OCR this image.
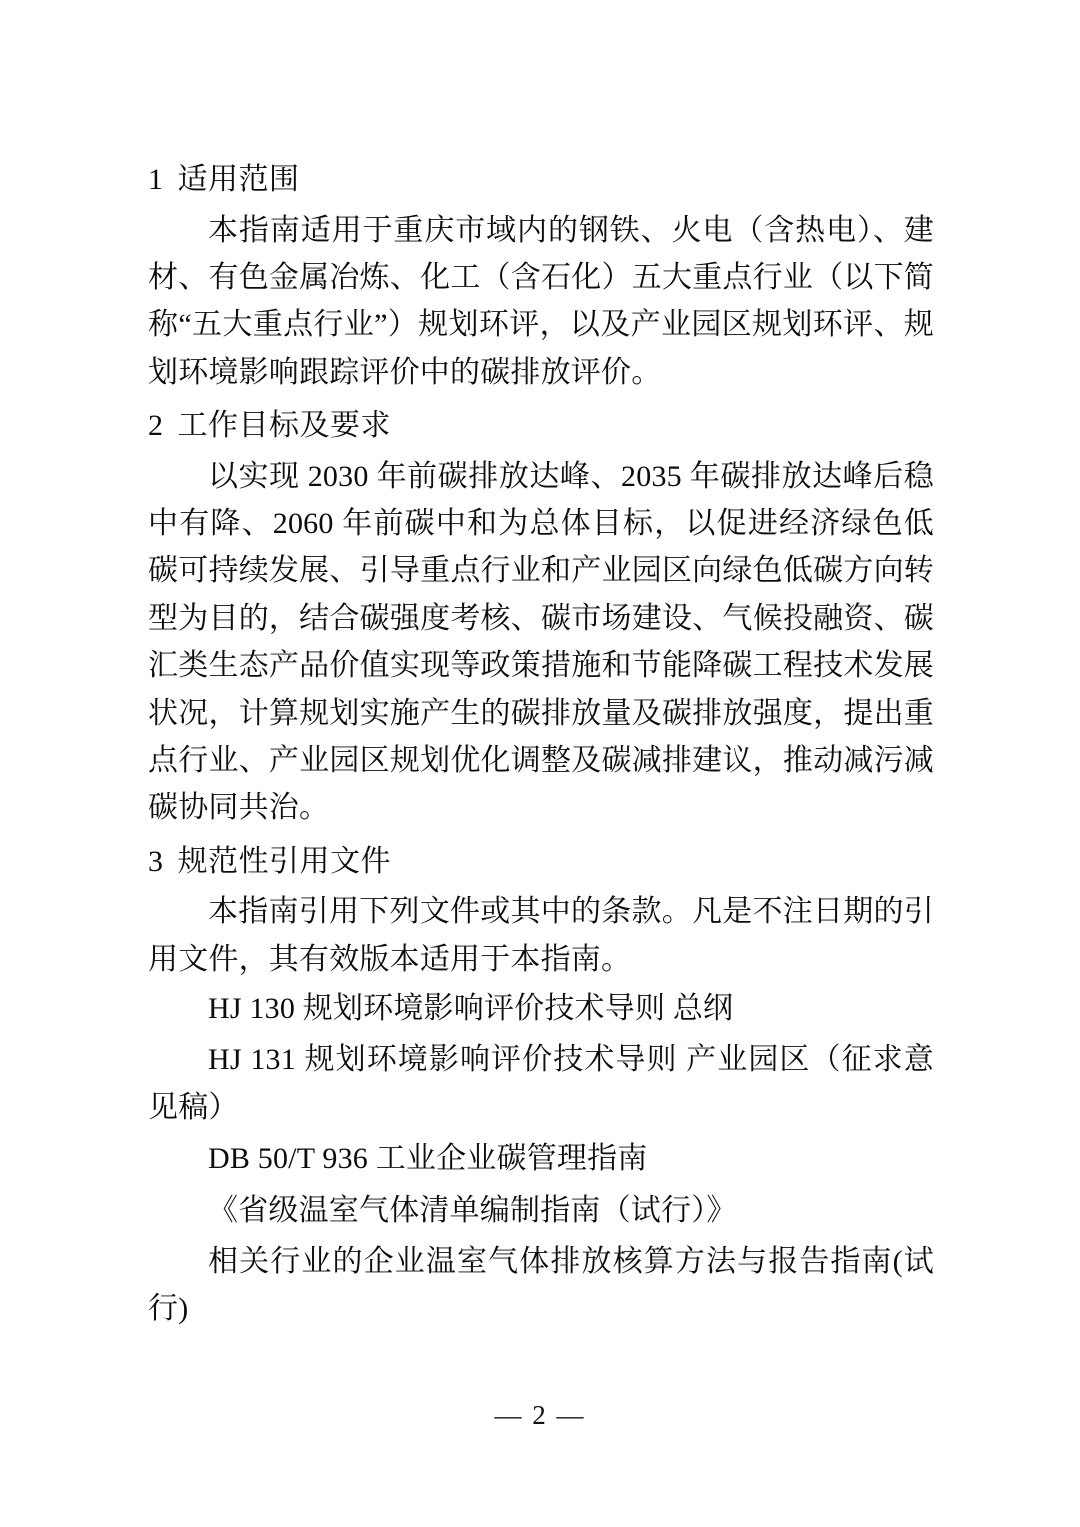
1 适用范围

本指南适用于重庆市域内的钢铁、火电（含热电）、建材、有色金属冶炼、化工（含石化）五大重点行业（以下简称“五大重点行业”）规划环评，以及产业园区规划环评、规划环境影响跟踪评价中的碳排放评价。

2 工作目标及要求

以实现 2030 年前碳排放达峰、2035 年碳排放达峰后稳中有降、2060 年前碳中和为总体目标，以促进经济绿色低碳可持续发展、引导重点行业和产业园区向绿色低碳方向转型为目的，结合碳强度考核、碳市场建设、气候投融资、碳汇类生态产品价值实现等政策措施和节能降碳工程技术发展状况，计算规划实施产生的碳排放量及碳排放强度，提出重点行业、产业园区规划优化调整及碳减排建议，推动减污减碳协同共治。

3 规范性引用文件

本指南引用下列文件或其中的条款。凡是不注日期的引用文件，其有效版本适用于本指南。

HJ 130 规划环境影响评价技术导则 总纲

HJ 131 规划环境影响评价技术导则 产业园区（征求意见稿）

DB 50/T 936 工业企业碳管理指南

《省级温室气体清单编制指南（试行）》

相关行业的企业温室气体排放核算方法与报告指南(试行)

— 2 —
